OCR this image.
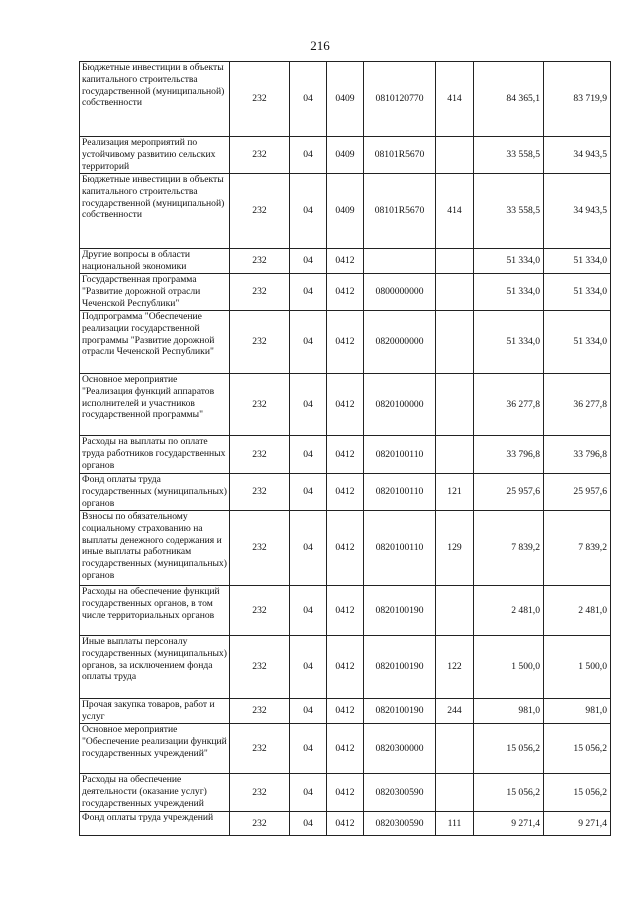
216
Бюджетные инвестиции в объекты капитального строительства государственной (муниципальной) собственности	232	04	0409	0810120770	414	84 365,1	83 719,9
Реализация мероприятий по устойчивому развитию сельских территорий	232	04	0409	08101R5670		33 558,5	34 943,5
Бюджетные инвестиции в объекты капитального строительства государственной (муниципальной) собственности	232	04	0409	08101R5670	414	33 558,5	34 943,5
Другие вопросы в области национальной экономики	232	04	0412			51 334,0	51 334,0
Государственная программа "Развитие дорожной отрасли Чеченской Республики"	232	04	0412	0800000000		51 334,0	51 334,0
Подпрограмма "Обеспечение реализации государственной программы "Развитие дорожной отрасли Чеченской Республики"	232	04	0412	0820000000		51 334,0	51 334,0
Основное мероприятие "Реализация функций аппаратов исполнителей и участников государственной программы"	232	04	0412	0820100000		36 277,8	36 277,8
Расходы на выплаты по оплате труда работников государственных органов	232	04	0412	0820100110		33 796,8	33 796,8
Фонд оплаты труда государственных (муниципальных) органов	232	04	0412	0820100110	121	25 957,6	25 957,6
Взносы по обязательному социальному страхованию на выплаты денежного содержания и иные выплаты работникам государственных (муниципальных) органов	232	04	0412	0820100110	129	7 839,2	7 839,2
Расходы на обеспечение функций государственных органов, в том числе территориальных органов	232	04	0412	0820100190		2 481,0	2 481,0
Иные выплаты персоналу государственных (муниципальных) органов, за исключением фонда оплаты труда	232	04	0412	0820100190	122	1 500,0	1 500,0
Прочая закупка товаров, работ и услуг	232	04	0412	0820100190	244	981,0	981,0
Основное мероприятие "Обеспечение реализации функций государственных учреждений"	232	04	0412	0820300000		15 056,2	15 056,2
Расходы на обеспечение деятельности (оказание услуг) государственных учреждений	232	04	0412	0820300590		15 056,2	15 056,2
Фонд оплаты труда учреждений	232	04	0412	0820300590	111	9 271,4	9 271,4
